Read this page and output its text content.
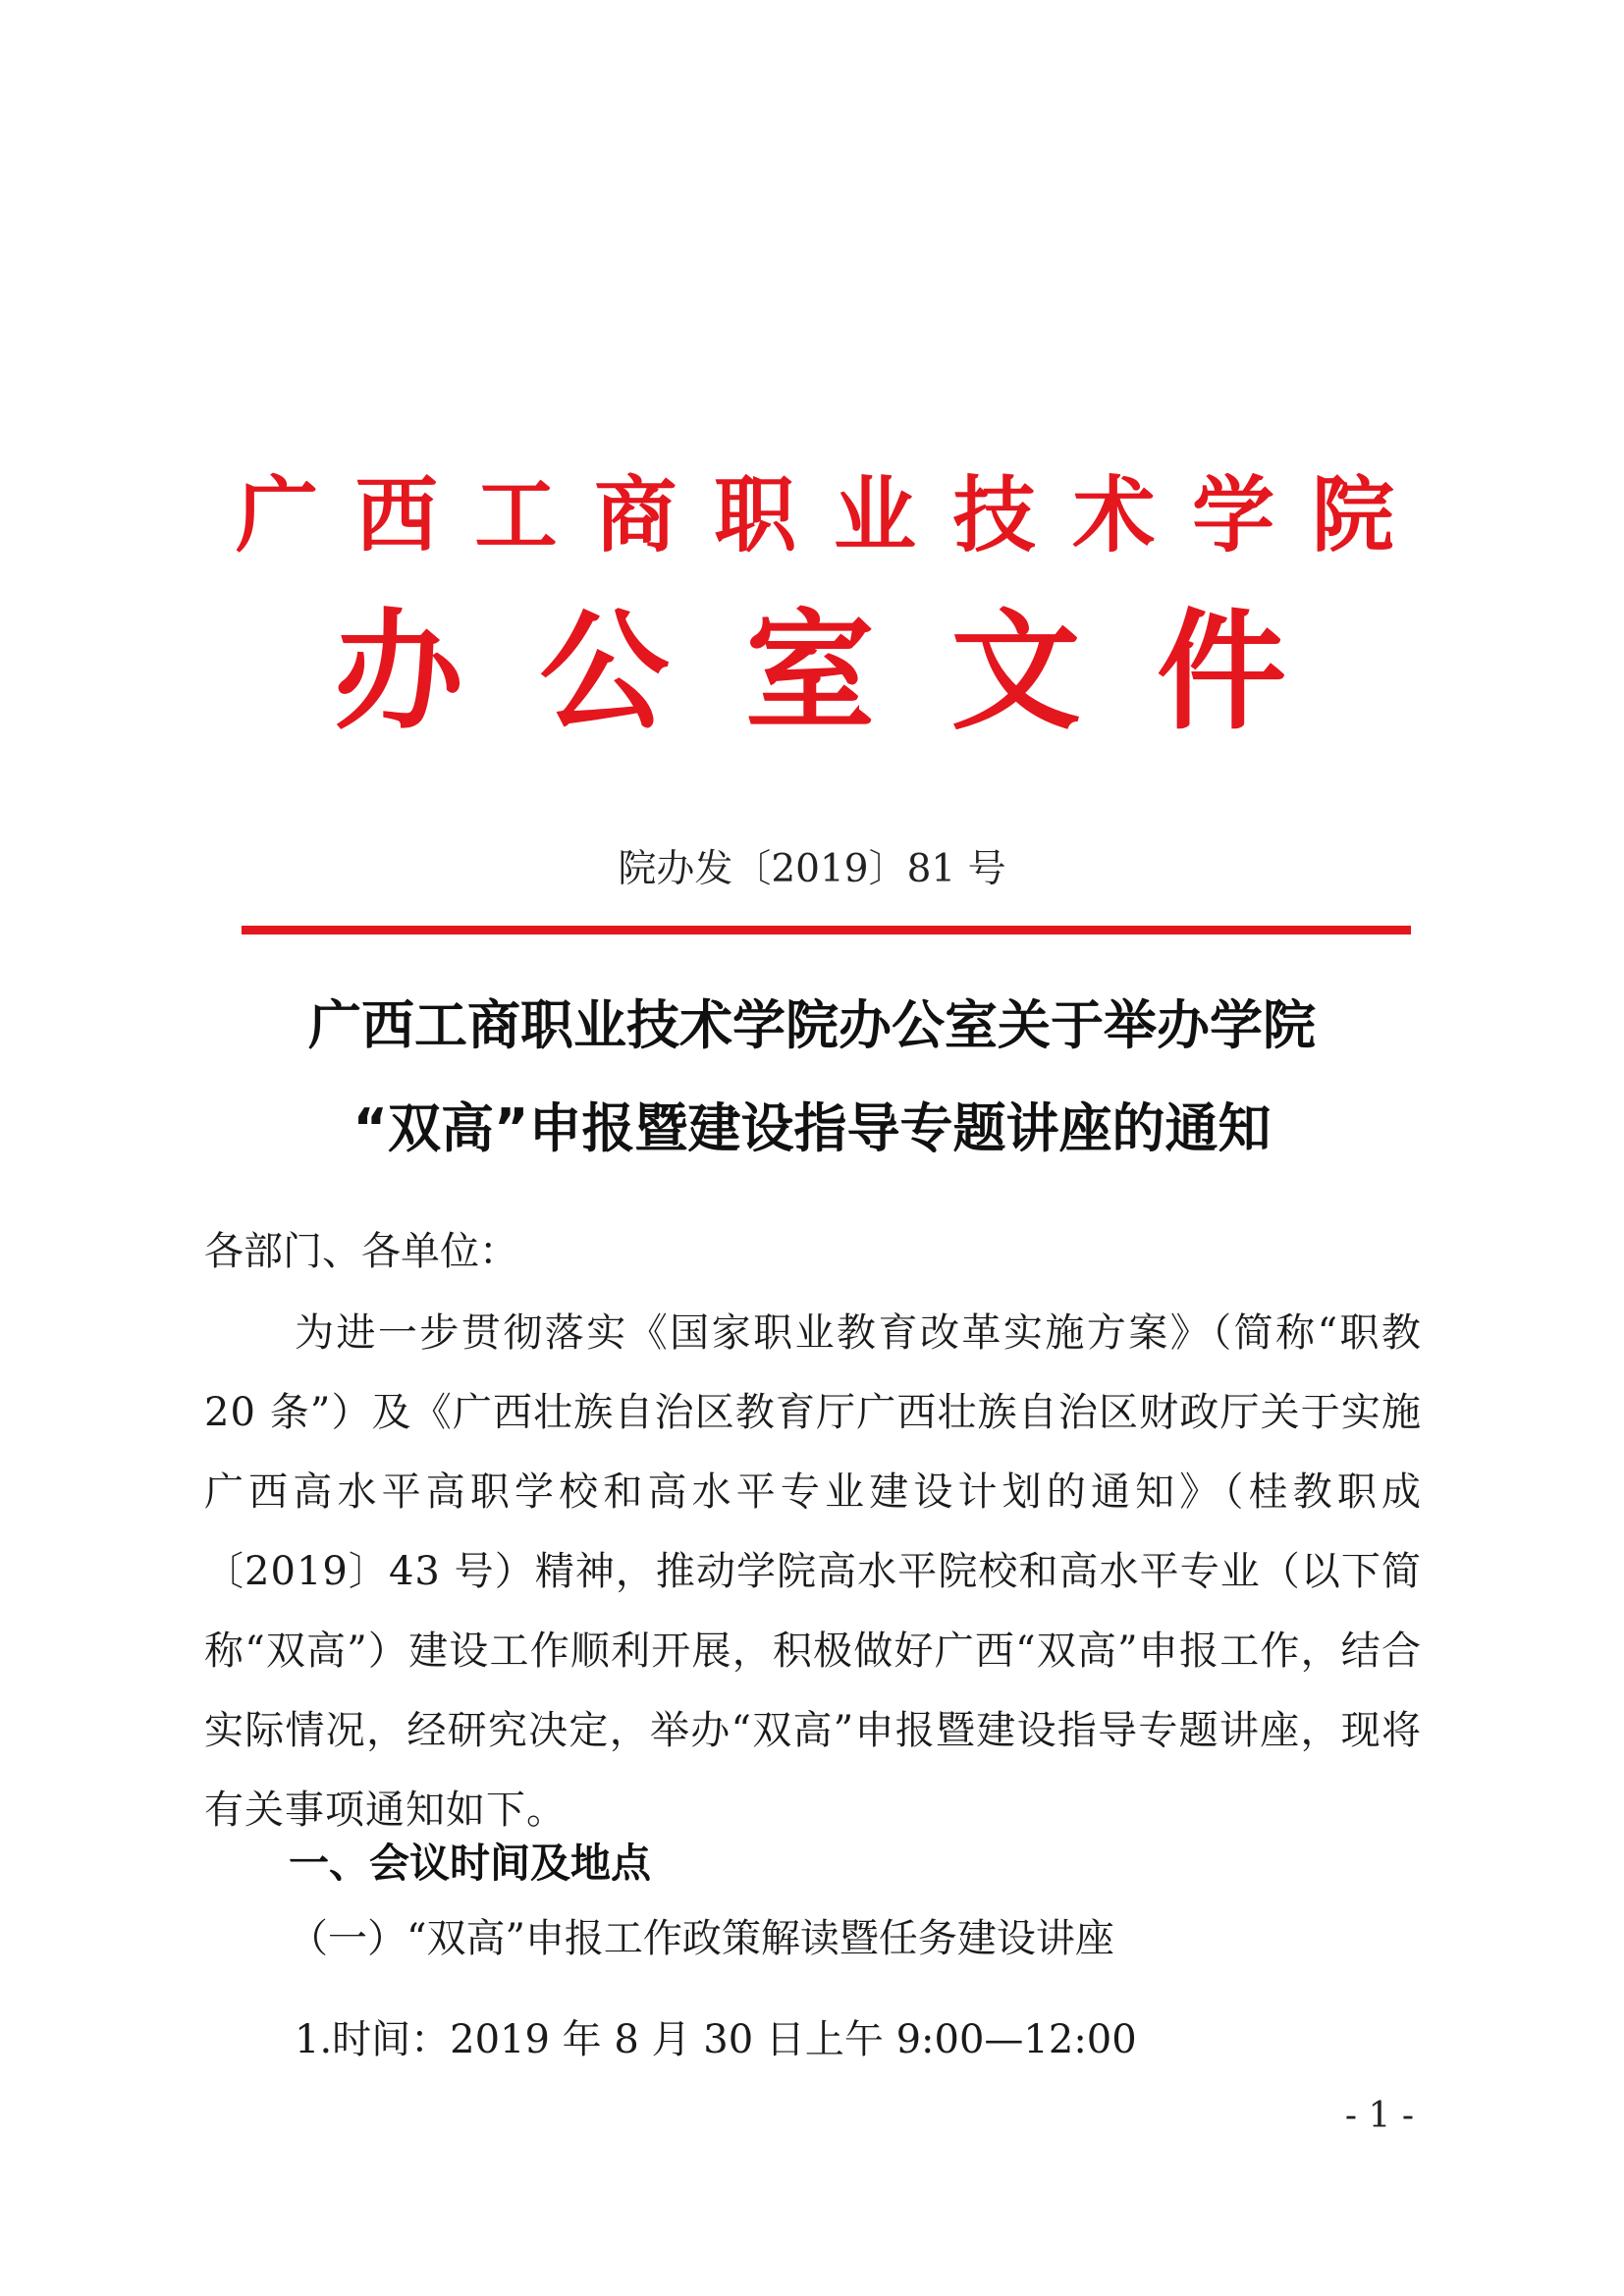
广 西 工 商 职 业 技 术 学 院
办 公 室 文 件
院办发〔2019〕81 号
广西工商职业技术学院办公室关于举办学院
“双高”申报暨建设指导专题讲座的通知
各部门、各单位：
为进一步贯彻落实《国家职业教育改革实施方案》（简称“职教 20 条”）及《广西壮族自治区教育厅广西壮族自治区财政厅关于实施广西高水平高职学校和高水平专业建设计划的通知》（桂教职成〔2019〕43 号）精神，推动学院高水平院校和高水平专业（以下简称“双高”）建设工作顺利开展，积极做好广西“双高”申报工作，结合实际情况，经研究决定，举办“双高”申报暨建设指导专题讲座，现将有关事项通知如下。
一、会议时间及地点
（一）“双高”申报工作政策解读暨任务建设讲座
1.时间：2019 年 8 月 30 日上午 9:00—12:00
- 1 -
